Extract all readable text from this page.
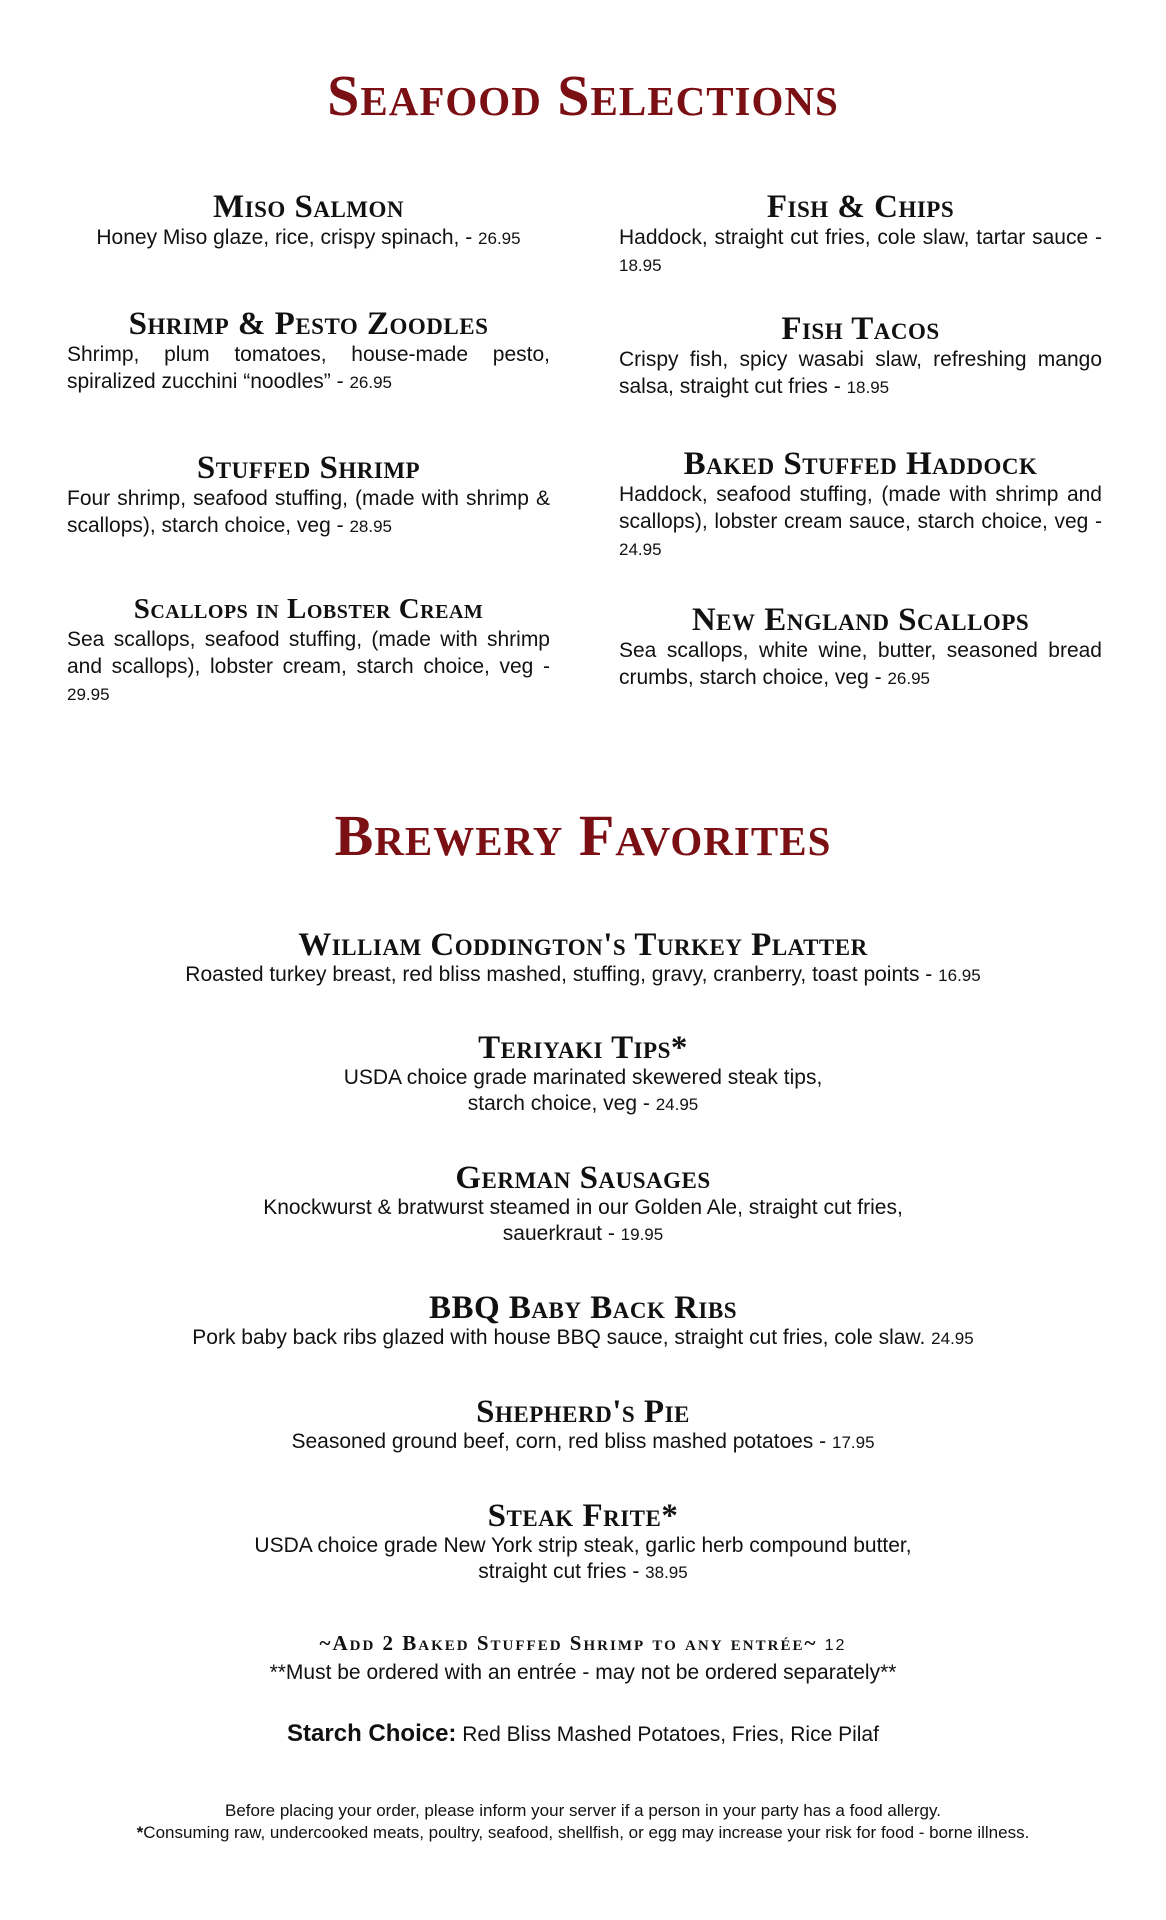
Seafood Selections
Miso Salmon
Honey Miso glaze, rice, crispy spinach, - 26.95
Shrimp & Pesto Zoodles
Shrimp, plum tomatoes, house-made pesto, spiralized zucchini “noodles” - 26.95
Stuffed Shrimp
Four shrimp, seafood stuffing, (made with shrimp & scallops), starch choice, veg - 28.95
Scallops in Lobster Cream
Sea scallops, seafood stuffing, (made with shrimp and scallops), lobster cream, starch choice, veg - 29.95
Fish & Chips
Haddock, straight cut fries, cole slaw, tartar sauce - 18.95
Fish Tacos
Crispy fish, spicy wasabi slaw, refreshing mango salsa, straight cut fries - 18.95
Baked Stuffed Haddock
Haddock, seafood stuffing, (made with shrimp and scallops), lobster cream sauce, starch choice, veg - 24.95
New England Scallops
Sea scallops, white wine, butter, seasoned bread crumbs, starch choice, veg - 26.95
Brewery Favorites
William Coddington's Turkey Platter
Roasted turkey breast, red bliss mashed, stuffing, gravy, cranberry, toast points - 16.95
Teriyaki Tips*
USDA choice grade marinated skewered steak tips,
starch choice, veg - 24.95
German Sausages
Knockwurst & bratwurst steamed in our Golden Ale, straight cut fries,
sauerkraut - 19.95
BBQ Baby Back Ribs
Pork baby back ribs glazed with house BBQ sauce, straight cut fries, cole slaw. 24.95
Shepherd's Pie
Seasoned ground beef, corn, red bliss mashed potatoes - 17.95
Steak Frite*
USDA choice grade New York strip steak, garlic herb compound butter,
straight cut fries - 38.95
~Add 2 Baked Stuffed Shrimp to any entrée~ 12
**Must be ordered with an entrée - may not be ordered separately**
Starch Choice: Red Bliss Mashed Potatoes, Fries, Rice Pilaf
Before placing your order, please inform your server if a person in your party has a food allergy.
*Consuming raw, undercooked meats, poultry, seafood, shellfish, or egg may increase your risk for food - borne illness.
